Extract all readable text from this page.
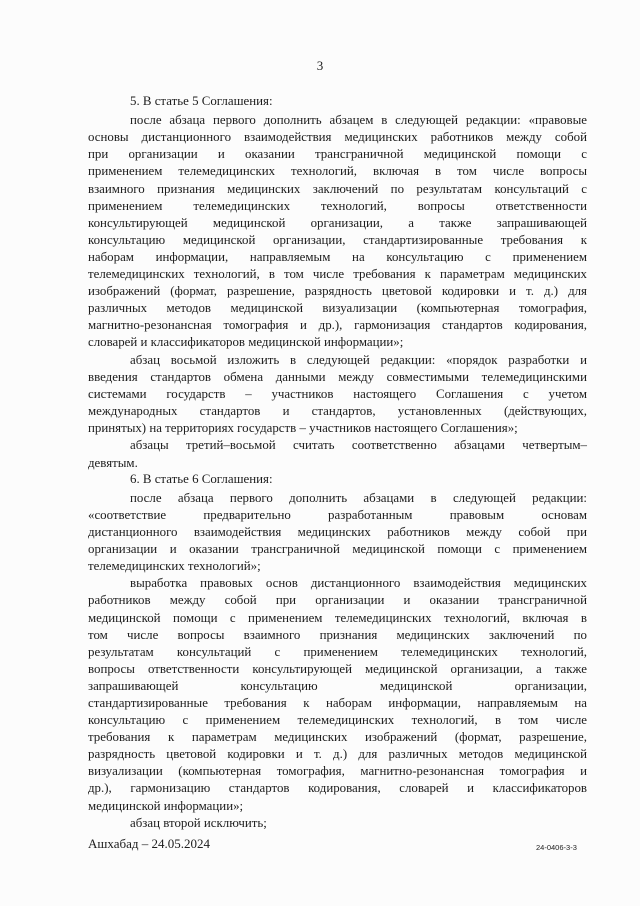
3
5. В статье 5 Соглашения:
после абзаца первого дополнить абзацем в следующей редакции: «правовые
основы дистанционного взаимодействия медицинских работников между собой
при организации и оказании трансграничной медицинской помощи с
применением телемедицинских технологий, включая в том числе вопросы
взаимного признания медицинских заключений по результатам консультаций с
применением телемедицинских технологий, вопросы ответственности
консультирующей медицинской организации, а также запрашивающей
консультацию медицинской организации, стандартизированные требования к
наборам информации, направляемым на консультацию с применением
телемедицинских технологий, в том числе требования к параметрам медицинских
изображений (формат, разрешение, разрядность цветовой кодировки и т. д.) для
различных методов медицинской визуализации (компьютерная томография,
магнитно-резонансная томография и др.), гармонизация стандартов кодирования,
словарей и классификаторов медицинской информации»;
абзац восьмой изложить в следующей редакции: «порядок разработки и
введения стандартов обмена данными между совместимыми телемедицинскими
системами государств – участников настоящего Соглашения с учетом
международных стандартов и стандартов, установленных (действующих,
принятых) на территориях государств – участников настоящего Соглашения»;
абзацы третий–восьмой считать соответственно абзацами четвертым–
девятым.
6. В статье 6 Соглашения:
после абзаца первого дополнить абзацами в следующей редакции:
«соответствие предварительно разработанным правовым основам
дистанционного взаимодействия медицинских работников между собой при
организации и оказании трансграничной медицинской помощи с применением
телемедицинских технологий»;
выработка правовых основ дистанционного взаимодействия медицинских
работников между собой при организации и оказании трансграничной
медицинской помощи с применением телемедицинских технологий, включая в
том числе вопросы взаимного признания медицинских заключений по
результатам консультаций с применением телемедицинских технологий,
вопросы ответственности консультирующей медицинской организации, а также
запрашивающей консультацию медицинской организации,
стандартизированные требования к наборам информации, направляемым на
консультацию с применением телемедицинских технологий, в том числе
требования к параметрам медицинских изображений (формат, разрешение,
разрядность цветовой кодировки и т. д.) для различных методов медицинской
визуализации (компьютерная томография, магнитно-резонансная томография и
др.), гармонизацию стандартов кодирования, словарей и классификаторов
медицинской информации»;
абзац второй исключить;
Ашхабад – 24.05.2024	24-0406-3-3
